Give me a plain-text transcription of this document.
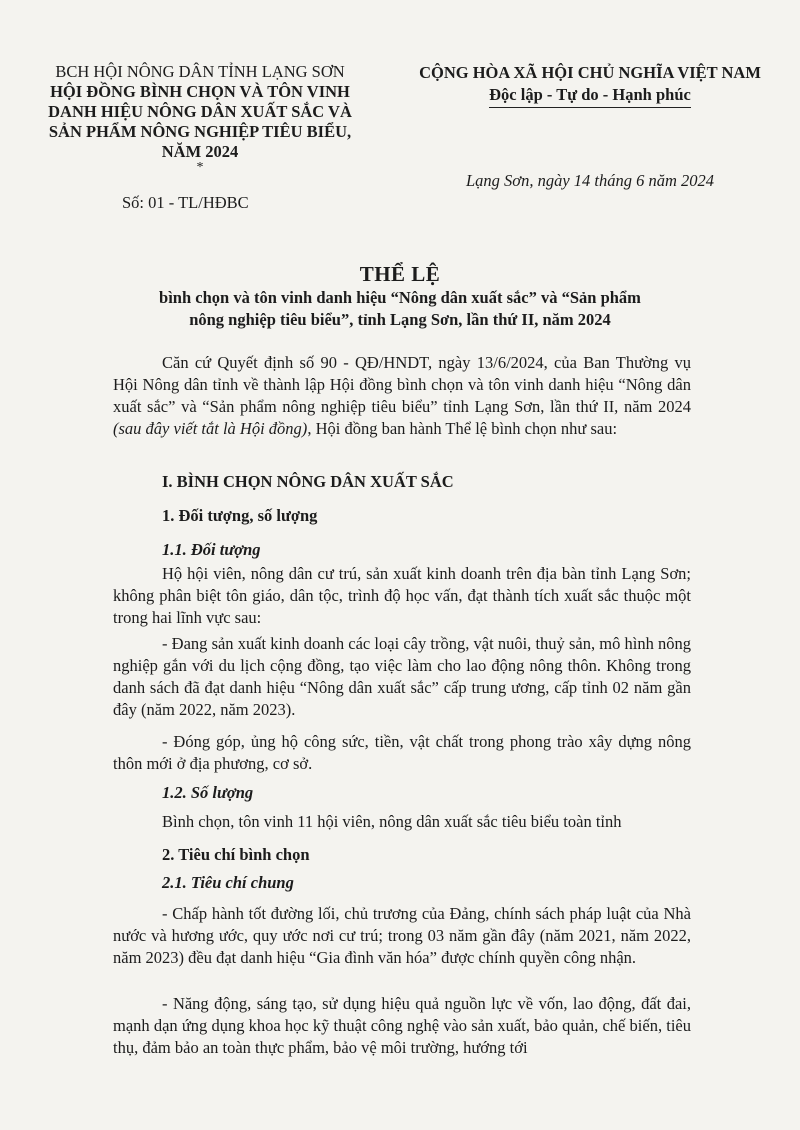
BCH HỘI NÔNG DÂN TỈNH LẠNG SƠN
HỘI ĐỒNG BÌNH CHỌN VÀ TÔN VINH
DANH HIỆU NÔNG DÂN XUẤT SẮC VÀ
SẢN PHẨM NÔNG NGHIỆP TIÊU BIỂU,
NĂM 2024
*
Số: 01 - TL/HĐBC
CỘNG HÒA XÃ HỘI CHỦ NGHĨA VIỆT NAM
Độc lập - Tự do - Hạnh phúc
Lạng Sơn, ngày 14 tháng 6 năm 2024
THỂ LỆ
bình chọn và tôn vinh danh hiệu “Nông dân xuất sắc” và “Sản phẩm
nông nghiệp tiêu biểu”, tỉnh Lạng Sơn, lần thứ II, năm 2024
Căn cứ Quyết định số 90 - QĐ/HNDT, ngày 13/6/2024, của Ban Thường vụ Hội Nông dân tỉnh về thành lập Hội đồng bình chọn và tôn vinh danh hiệu “Nông dân xuất sắc” và “Sản phẩm nông nghiệp tiêu biểu” tỉnh Lạng Sơn, lần thứ II, năm 2024 (sau đây viết tắt là Hội đồng), Hội đồng ban hành Thể lệ bình chọn như sau:
I. BÌNH CHỌN NÔNG DÂN XUẤT SẮC
1. Đối tượng, số lượng
1.1. Đối tượng
Hộ hội viên, nông dân cư trú, sản xuất kinh doanh trên địa bàn tỉnh Lạng Sơn; không phân biệt tôn giáo, dân tộc, trình độ học vấn, đạt thành tích xuất sắc thuộc một trong hai lĩnh vực sau:
- Đang sản xuất kinh doanh các loại cây trồng, vật nuôi, thuỷ sản, mô hình nông nghiệp gắn với du lịch cộng đồng, tạo việc làm cho lao động nông thôn. Không trong danh sách đã đạt danh hiệu “Nông dân xuất sắc” cấp trung ương, cấp tỉnh 02 năm gần đây (năm 2022, năm 2023).
- Đóng góp, ủng hộ công sức, tiền, vật chất trong phong trào xây dựng nông thôn mới ở địa phương, cơ sở.
1.2. Số lượng
Bình chọn, tôn vinh 11 hội viên, nông dân xuất sắc tiêu biểu toàn tỉnh
2. Tiêu chí bình chọn
2.1. Tiêu chí chung
- Chấp hành tốt đường lối, chủ trương của Đảng, chính sách pháp luật của Nhà nước và hương ước, quy ước nơi cư trú; trong 03 năm gần đây (năm 2021, năm 2022, năm 2023) đều đạt danh hiệu “Gia đình văn hóa” được chính quyền công nhận.
- Năng động, sáng tạo, sử dụng hiệu quả nguồn lực về vốn, lao động, đất đai, mạnh dạn ứng dụng khoa học kỹ thuật công nghệ vào sản xuất, bảo quản, chế biến, tiêu thụ, đảm bảo an toàn thực phẩm, bảo vệ môi trường, hướng tới
